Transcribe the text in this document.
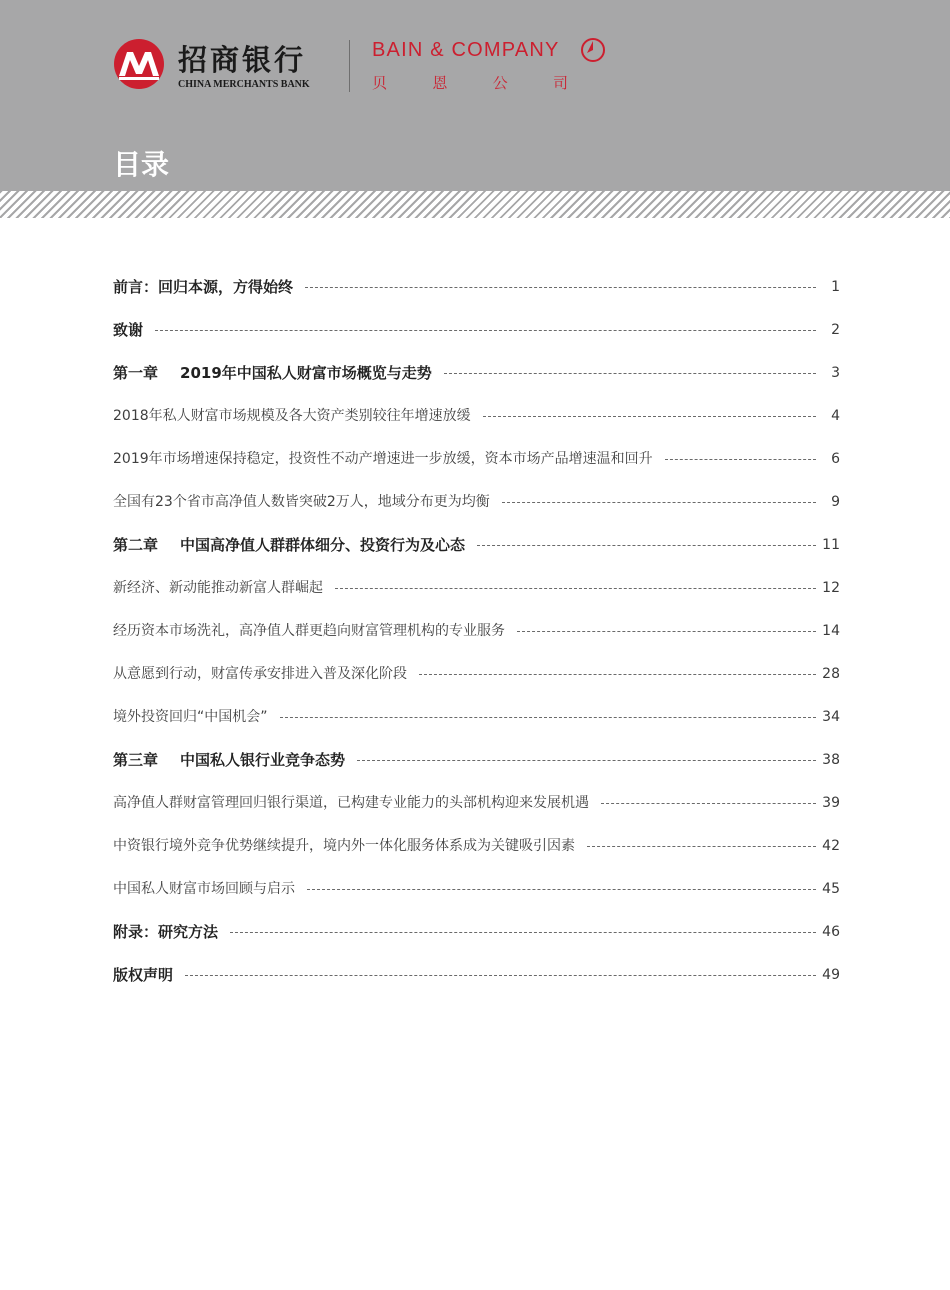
招商银行
CHINA MERCHANTS BANK
BAIN & COMPANY
贝	恩	公	司
目录
前言：回归本源，方得始终	1
致谢	2
第一章 2019年中国私人财富市场概览与走势	3
2018年私人财富市场规模及各大资产类别较往年增速放缓	4
2019年市场增速保持稳定，投资性不动产增速进一步放缓，资本市场产品增速温和回升	6
全国有23个省市高净值人数皆突破2万人，地域分布更为均衡	9
第二章 中国高净值人群群体细分、投资行为及心态	11
新经济、新动能推动新富人群崛起	12
经历资本市场洗礼，高净值人群更趋向财富管理机构的专业服务	14
从意愿到行动，财富传承安排进入普及深化阶段	28
境外投资回归“中国机会”	34
第三章 中国私人银行业竞争态势	38
高净值人群财富管理回归银行渠道，已构建专业能力的头部机构迎来发展机遇	39
中资银行境外竞争优势继续提升，境内外一体化服务体系成为关键吸引因素	42
中国私人财富市场回顾与启示	45
附录：研究方法	46
版权声明	49
